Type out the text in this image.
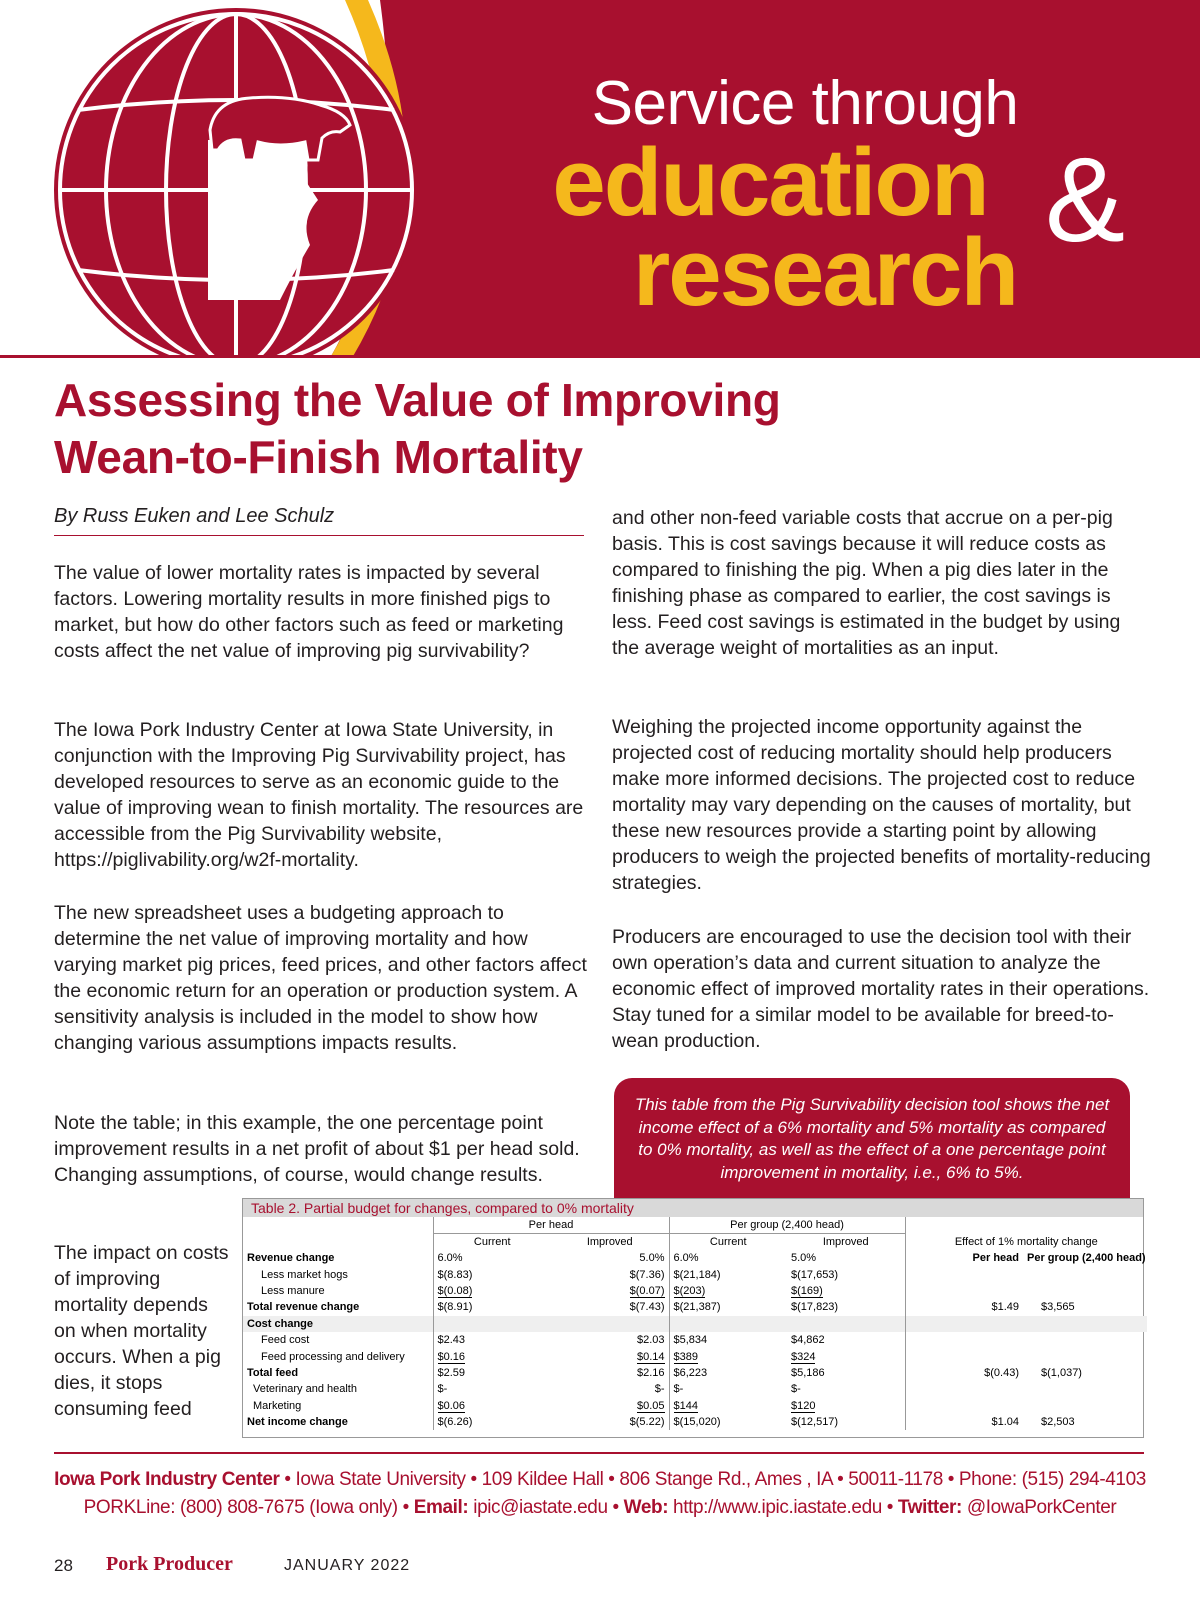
Iowa
Pork
Industry
Center
Service through
education &
research
Assessing the Value of Improving
Wean-to-Finish Mortality
By Russ Euken and Lee Schulz

The value of lower mortality rates is impacted by several factors. Lowering mortality results in more finished pigs to market, but how do other factors such as feed or marketing costs affect the net value of improving pig survivability?

The Iowa Pork Industry Center at Iowa State University, in conjunction with the Improving Pig Survivability project, has developed resources to serve as an economic guide to the value of improving wean to finish mortality. The resources are accessible from the Pig Survivability website, https://piglivability.org/w2f-mortality.

The new spreadsheet uses a budgeting approach to determine the net value of improving mortality and how varying market pig prices, feed prices, and other factors affect the economic return for an operation or production system. A sensitivity analysis is included in the model to show how changing various assumptions impacts results.

Note the table; in this example, the one percentage point improvement results in a net profit of about $1 per head sold. Changing assumptions, of course, would change results.

The impact on costs of improving mortality depends on when mortality occurs. When a pig dies, it stops consuming feed

and other non-feed variable costs that accrue on a per-pig basis. This is cost savings because it will reduce costs as compared to finishing the pig. When a pig dies later in the finishing phase as compared to earlier, the cost savings is less. Feed cost savings is estimated in the budget by using the average weight of mortalities as an input.

Weighing the projected income opportunity against the projected cost of reducing mortality should help producers make more informed decisions. The projected cost to reduce mortality may vary depending on the causes of mortality, but these new resources provide a starting point by allowing producers to weigh the projected benefits of mortality-reducing strategies.

Producers are encouraged to use the decision tool with their own operation’s data and current situation to analyze the economic effect of improved mortality rates in their operations. Stay tuned for a similar model to be available for breed-to-wean production.

This table from the Pig Survivability decision tool shows the net income effect of a 6% mortality and 5% mortality as compared to 0% mortality, as well as the effect of a one percentage point improvement in mortality, i.e., 6% to 5%.

Table 2. Partial budget for changes, compared to 0% mortality
	Per head		Per group (2,400 head)				
	Current	Improved	Current	Improved	Effect of 1% mortality change		
Revenue change	6.0%	5.0%	6.0%	5.0%		Per head	Per group (2,400 head)
Less market hogs	$(8.83)	$(7.36)	$(21,184)	$(17,653)			
Less manure	$(0.08)	$(0.07)	$(203)	$(169)			
Total revenue change	$(8.91)	$(7.43)	$(21,387)	$(17,823)		$1.49	$3,565
Cost change							
Feed cost	$2.43	$2.03	$5,834	$4,862			
Feed processing and delivery	$0.16	$0.14	$389	$324			
Total feed	$2.59	$2.16	$6,223	$5,186		$(0.43)	$(1,037)
Veterinary and health	$-	$-	$-	$-			
Marketing	$0.06	$0.05	$144	$120			
Net income change	$(6.26)	$(5.22)	$(15,020)	$(12,517)		$1.04	$2,503
Iowa Pork Industry Center • Iowa State University • 109 Kildee Hall • 806 Stange Rd., Ames , IA • 50011-1178 • Phone: (515) 294-4103
PORKLine: (800) 808-7675 (Iowa only) • Email: ipic@iastate.edu • Web: http://www.ipic.iastate.edu • Twitter: @IowaPorkCenter
28 Pork Producer	JANUARY 2022
